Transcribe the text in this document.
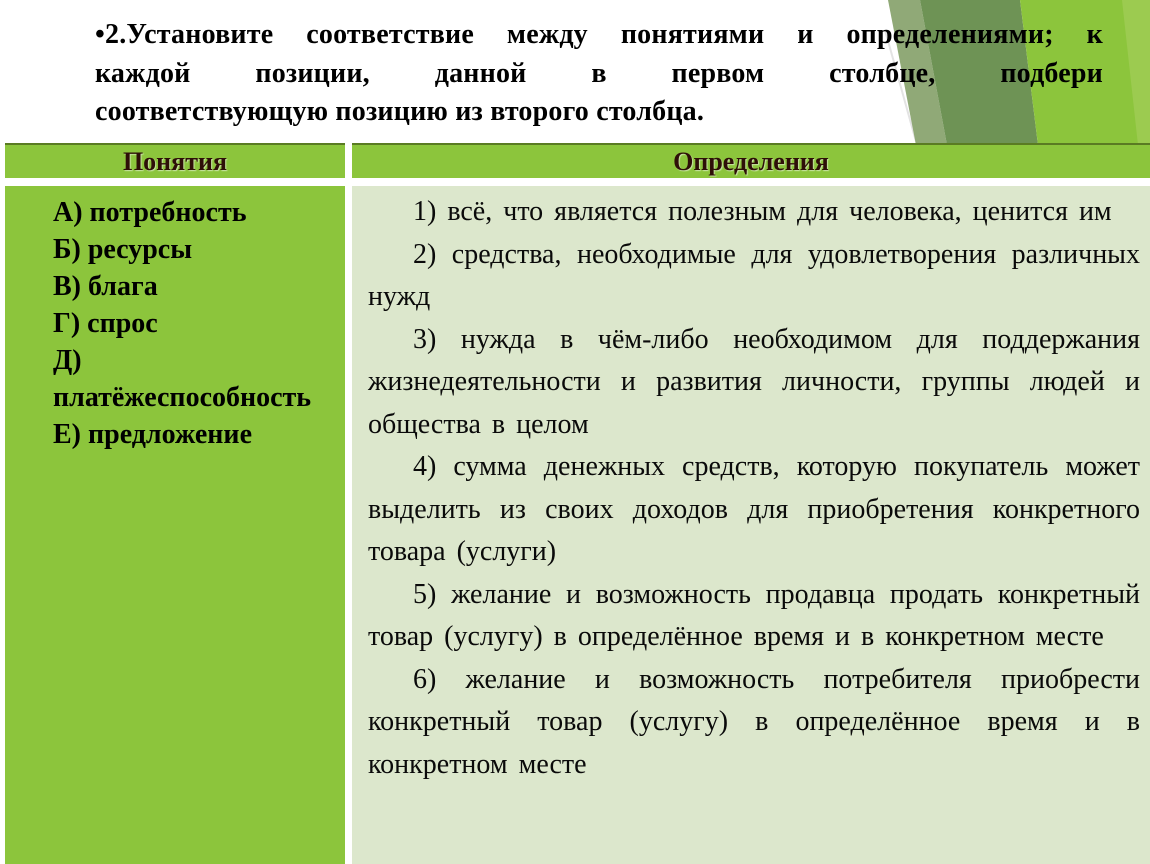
•2.Установите соответствие между понятиями и определениями; к
каждой позиции, данной в первом столбце, подбери
соответствующую позицию из второго столбца.
Понятия	Определения
А) потребность
Б) ресурсы
В) блага
Г) спрос
Д) платёжеспособность
Е) предложение

1) всё, что является полезным для человека, ценится им

2) средства, необходимые для удовлетворения различных нужд

3) нужда в чём-либо необходимом для поддержания жизнедеятельности и развития личности, группы людей и общества в целом

4) сумма денежных средств, которую покупатель может выделить из своих доходов для приобретения конкретного товара (услуги)

5) желание и возможность продавца продать конкретный товар (услугу) в определённое время и в конкретном месте

6) желание и возможность потребителя приобрести конкретный товар (услугу) в определённое время и в конкретном месте
